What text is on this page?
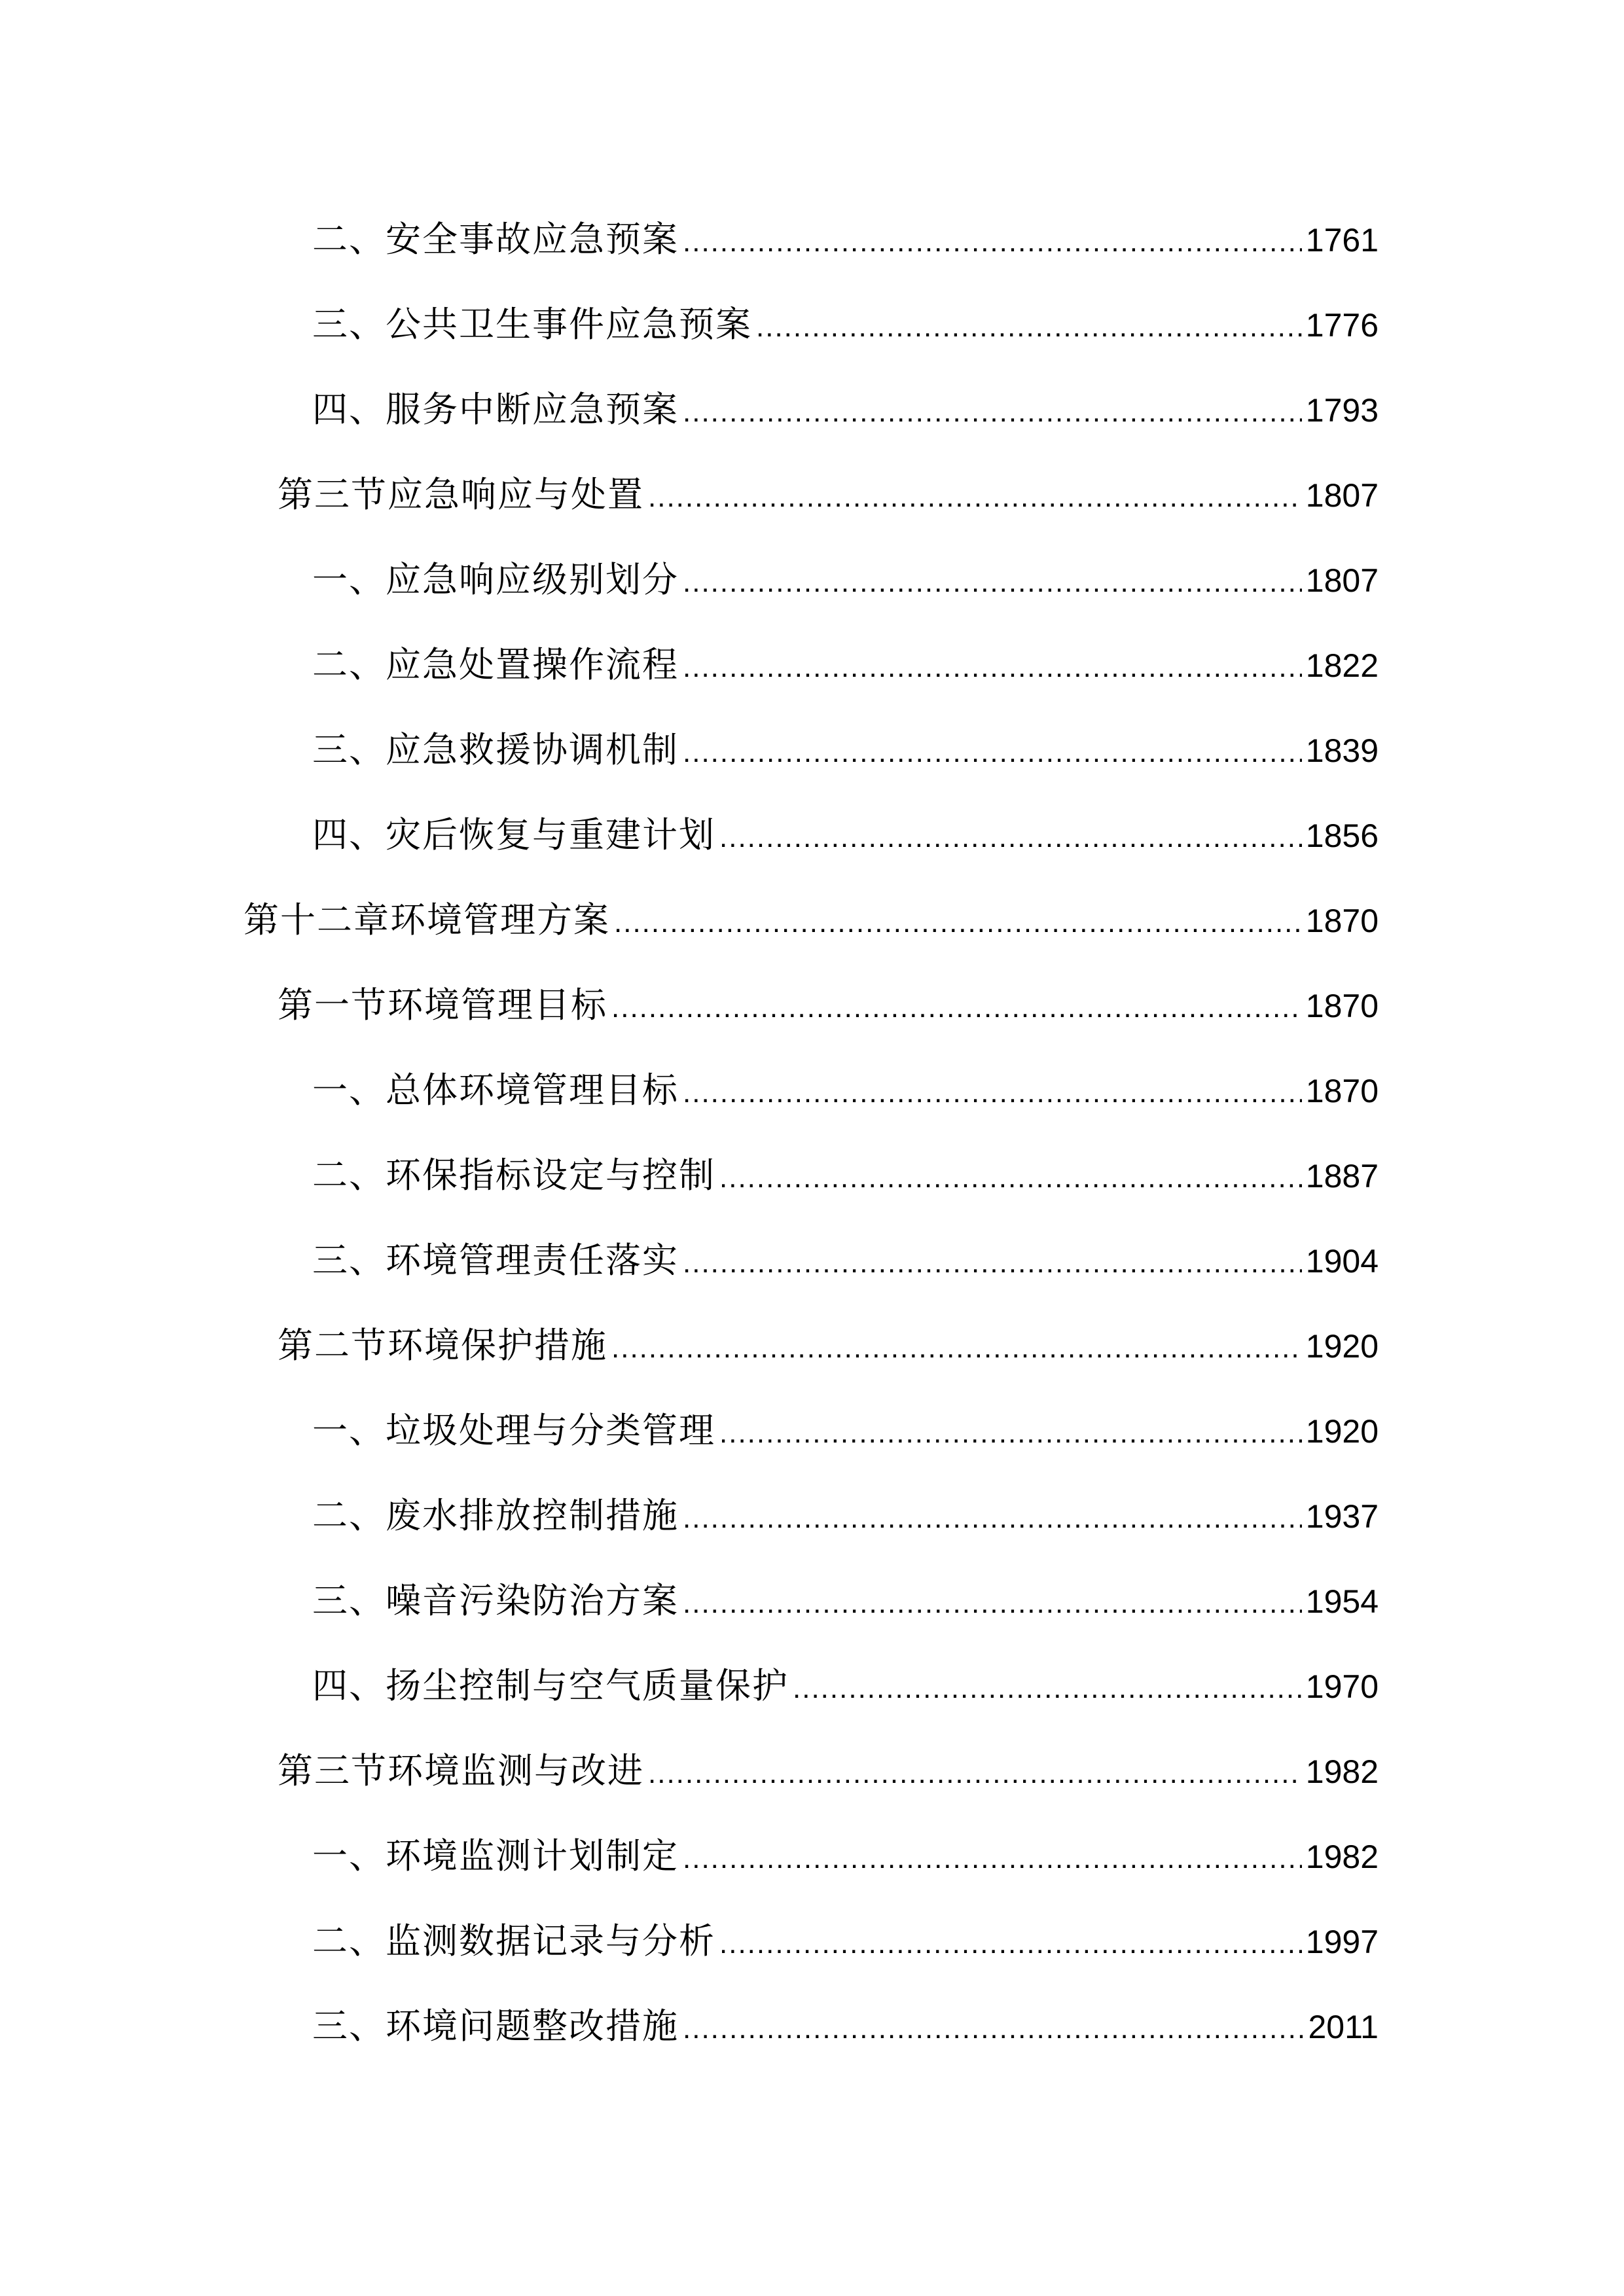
二、安全事故应急预案 .....	1761
三、公共卫生事件应急预案 .....	1776
四、服务中断应急预案 .....	1793
第三节应急响应与处置 .....	1807
一、应急响应级别划分 .....	1807
二、应急处置操作流程 .....	1822
三、应急救援协调机制 .....	1839
四、灾后恢复与重建计划 .....	1856
第十二章环境管理方案 .....	1870
第一节环境管理目标 .....	1870
一、总体环境管理目标 .....	1870
二、环保指标设定与控制 .....	1887
三、环境管理责任落实 .....	1904
第二节环境保护措施 .....	1920
一、垃圾处理与分类管理 .....	1920
二、废水排放控制措施 .....	1937
三、噪音污染防治方案 .....	1954
四、扬尘控制与空气质量保护 .....	1970
第三节环境监测与改进 .....	1982
一、环境监测计划制定 .....	1982
二、监测数据记录与分析 .....	1997
三、环境问题整改措施 .....	2011
